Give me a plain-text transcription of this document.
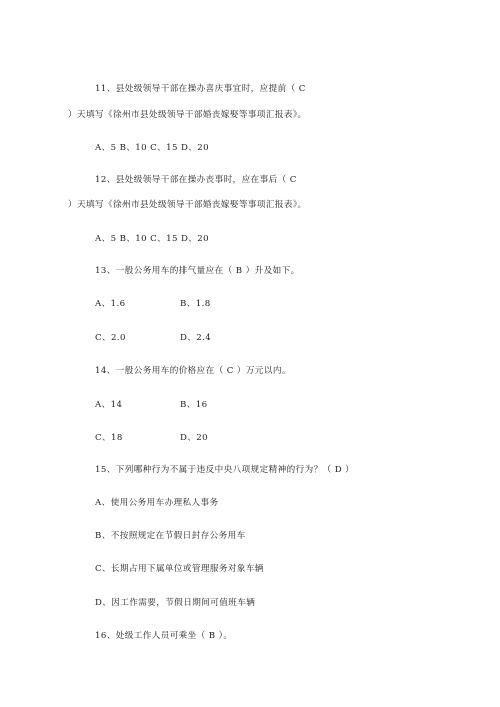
11、县处级领导干部在操办喜庆事宜时，应提前（ C
）天填写《徐州市县处级领导干部婚丧嫁娶等事项汇报表》。
A、5 B、10 C、15 D、20
12、县处级领导干部在操办丧事时，应在事后（ C
）天填写《徐州市县处级领导干部婚丧嫁娶等事项汇报表》。
A、5 B、10 C、15 D、20
13、一般公务用车的排气量应在（ B ）升及如下。
A、1.6	B、1.8
C、2.0	D、2.4
14、一般公务用车的价格应在（ C ）万元以内。
A、14	B、16
C、18	D、20
15、下列哪种行为不属于违反中央八项规定精神的行为？（ D ）
A、使用公务用车办理私人事务
B、不按照规定在节假日封存公务用车
C、长期占用下属单位或管理服务对象车辆
D、因工作需要，节假日期间可值班车辆
16、处级工作人员可乘坐（ B ）。
